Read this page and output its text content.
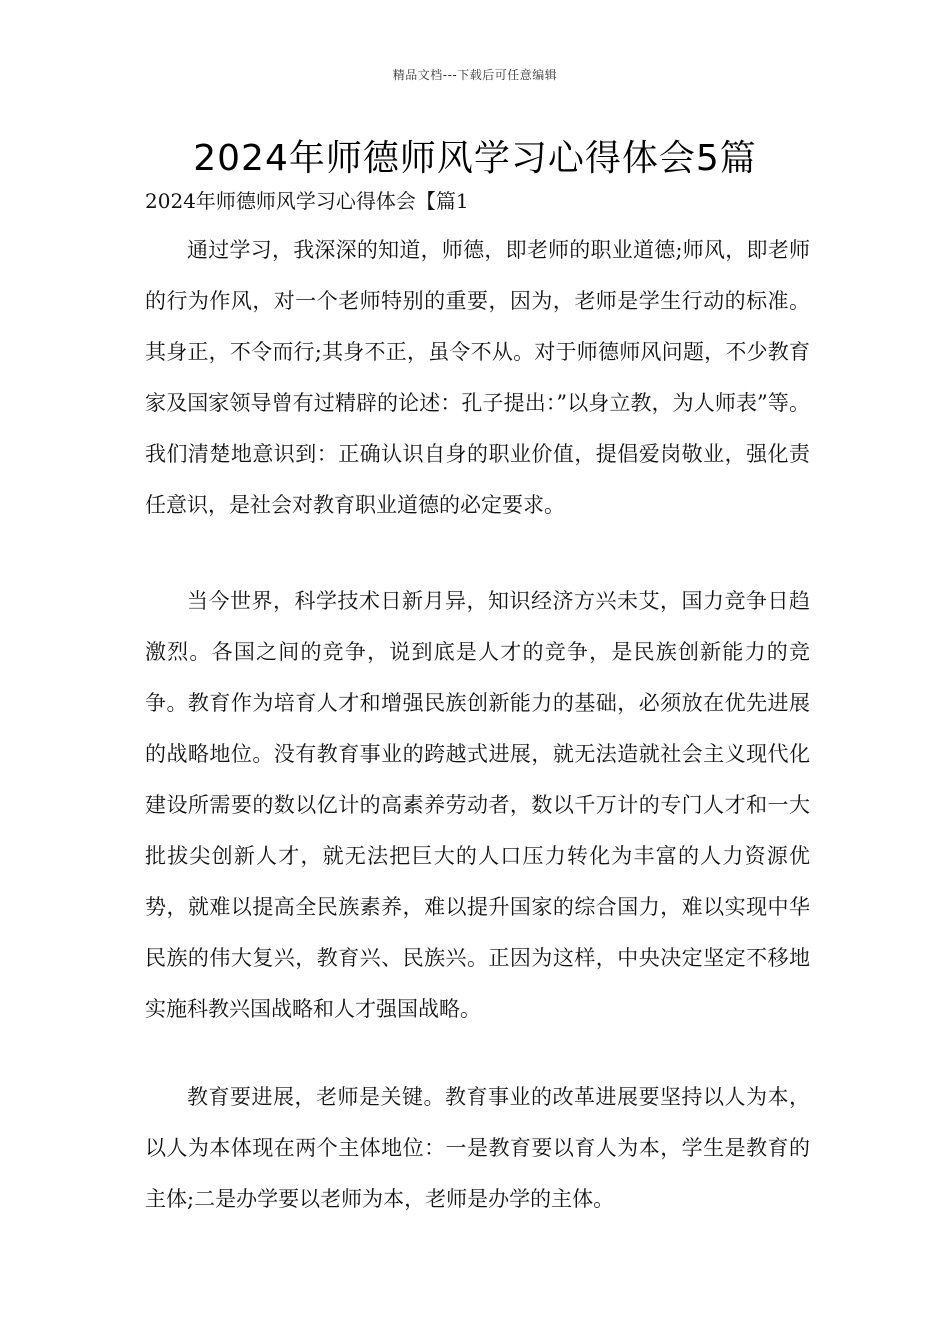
精品文档---下载后可任意编辑
2024年师德师风学习心得体会5篇
2024年师德师风学习心得体会【篇1

通过学习，我深深的知道，师德，即老师的职业道德;师风，即老师的行为作风，对一个老师特别的重要，因为，老师是学生行动的标准。其身正，不令而行;其身不正，虽令不从。对于师德师风问题，不少教育家及国家领导曾有过精辟的论述：孔子提出：”以身立教，为人师表”等。我们清楚地意识到：正确认识自身的职业价值，提倡爱岗敬业，强化责任意识，是社会对教育职业道德的必定要求。

当今世界，科学技术日新月异，知识经济方兴未艾，国力竞争日趋激烈。各国之间的竞争，说到底是人才的竞争，是民族创新能力的竞争。教育作为培育人才和增强民族创新能力的基础，必须放在优先进展的战略地位。没有教育事业的跨越式进展，就无法造就社会主义现代化建设所需要的数以亿计的高素养劳动者，数以千万计的专门人才和一大批拔尖创新人才，就无法把巨大的人口压力转化为丰富的人力资源优势，就难以提高全民族素养，难以提升国家的综合国力，难以实现中华民族的伟大复兴，教育兴、民族兴。正因为这样，中央决定坚定不移地实施科教兴国战略和人才强国战略。

教育要进展，老师是关键。教育事业的改革进展要坚持以人为本，以人为本体现在两个主体地位：一是教育要以育人为本，学生是教育的主体;二是办学要以老师为本，老师是办学的主体。
